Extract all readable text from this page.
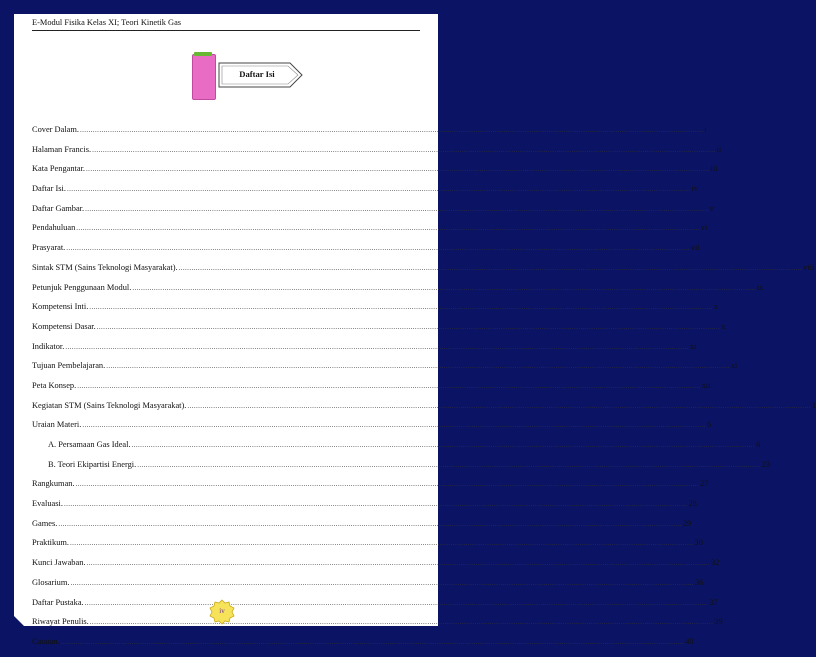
E-Modul Fisika Kelas XI; Teori Kinetik Gas
Daftar Isi
Cover Dalam. .....	i
Halaman Francis. .....	ii
Kata Pengantar. .....	iii
Daftar Isi. .....	iv
Daftar Gambar. .....	v
Pendahuluan .....	vi
Prasyarat. .....	vii
Sintak STM (Sains Teknologi Masyarakat). .....	viii
Petunjuk Penggunaan Modul. .....	ix
Kompetensi Inti. .....	x
Kompetensi Dasar. .....	x
Indikator. .....	xi
Tujuan Pembelajaran. .....	xi
Peta Konsep. .....	xii
Kegiatan STM (Sains Teknologi Masyarakat). .....	1
Uraian Materi. .....	6
A. Persamaan Gas Ideal. .....	6
B. Teori Ekipartisi Energi. .....	23
Rangkuman. .....	27
Evaluasi. .....	28
Games. .....	29
Praktikum. .....	30
Kunci Jawaban. .....	32
Glosarium. .....	36
Daftar Pustaka. .....	37
Riwayat Penulis. .....	39
Catatan. .....	40
iv
